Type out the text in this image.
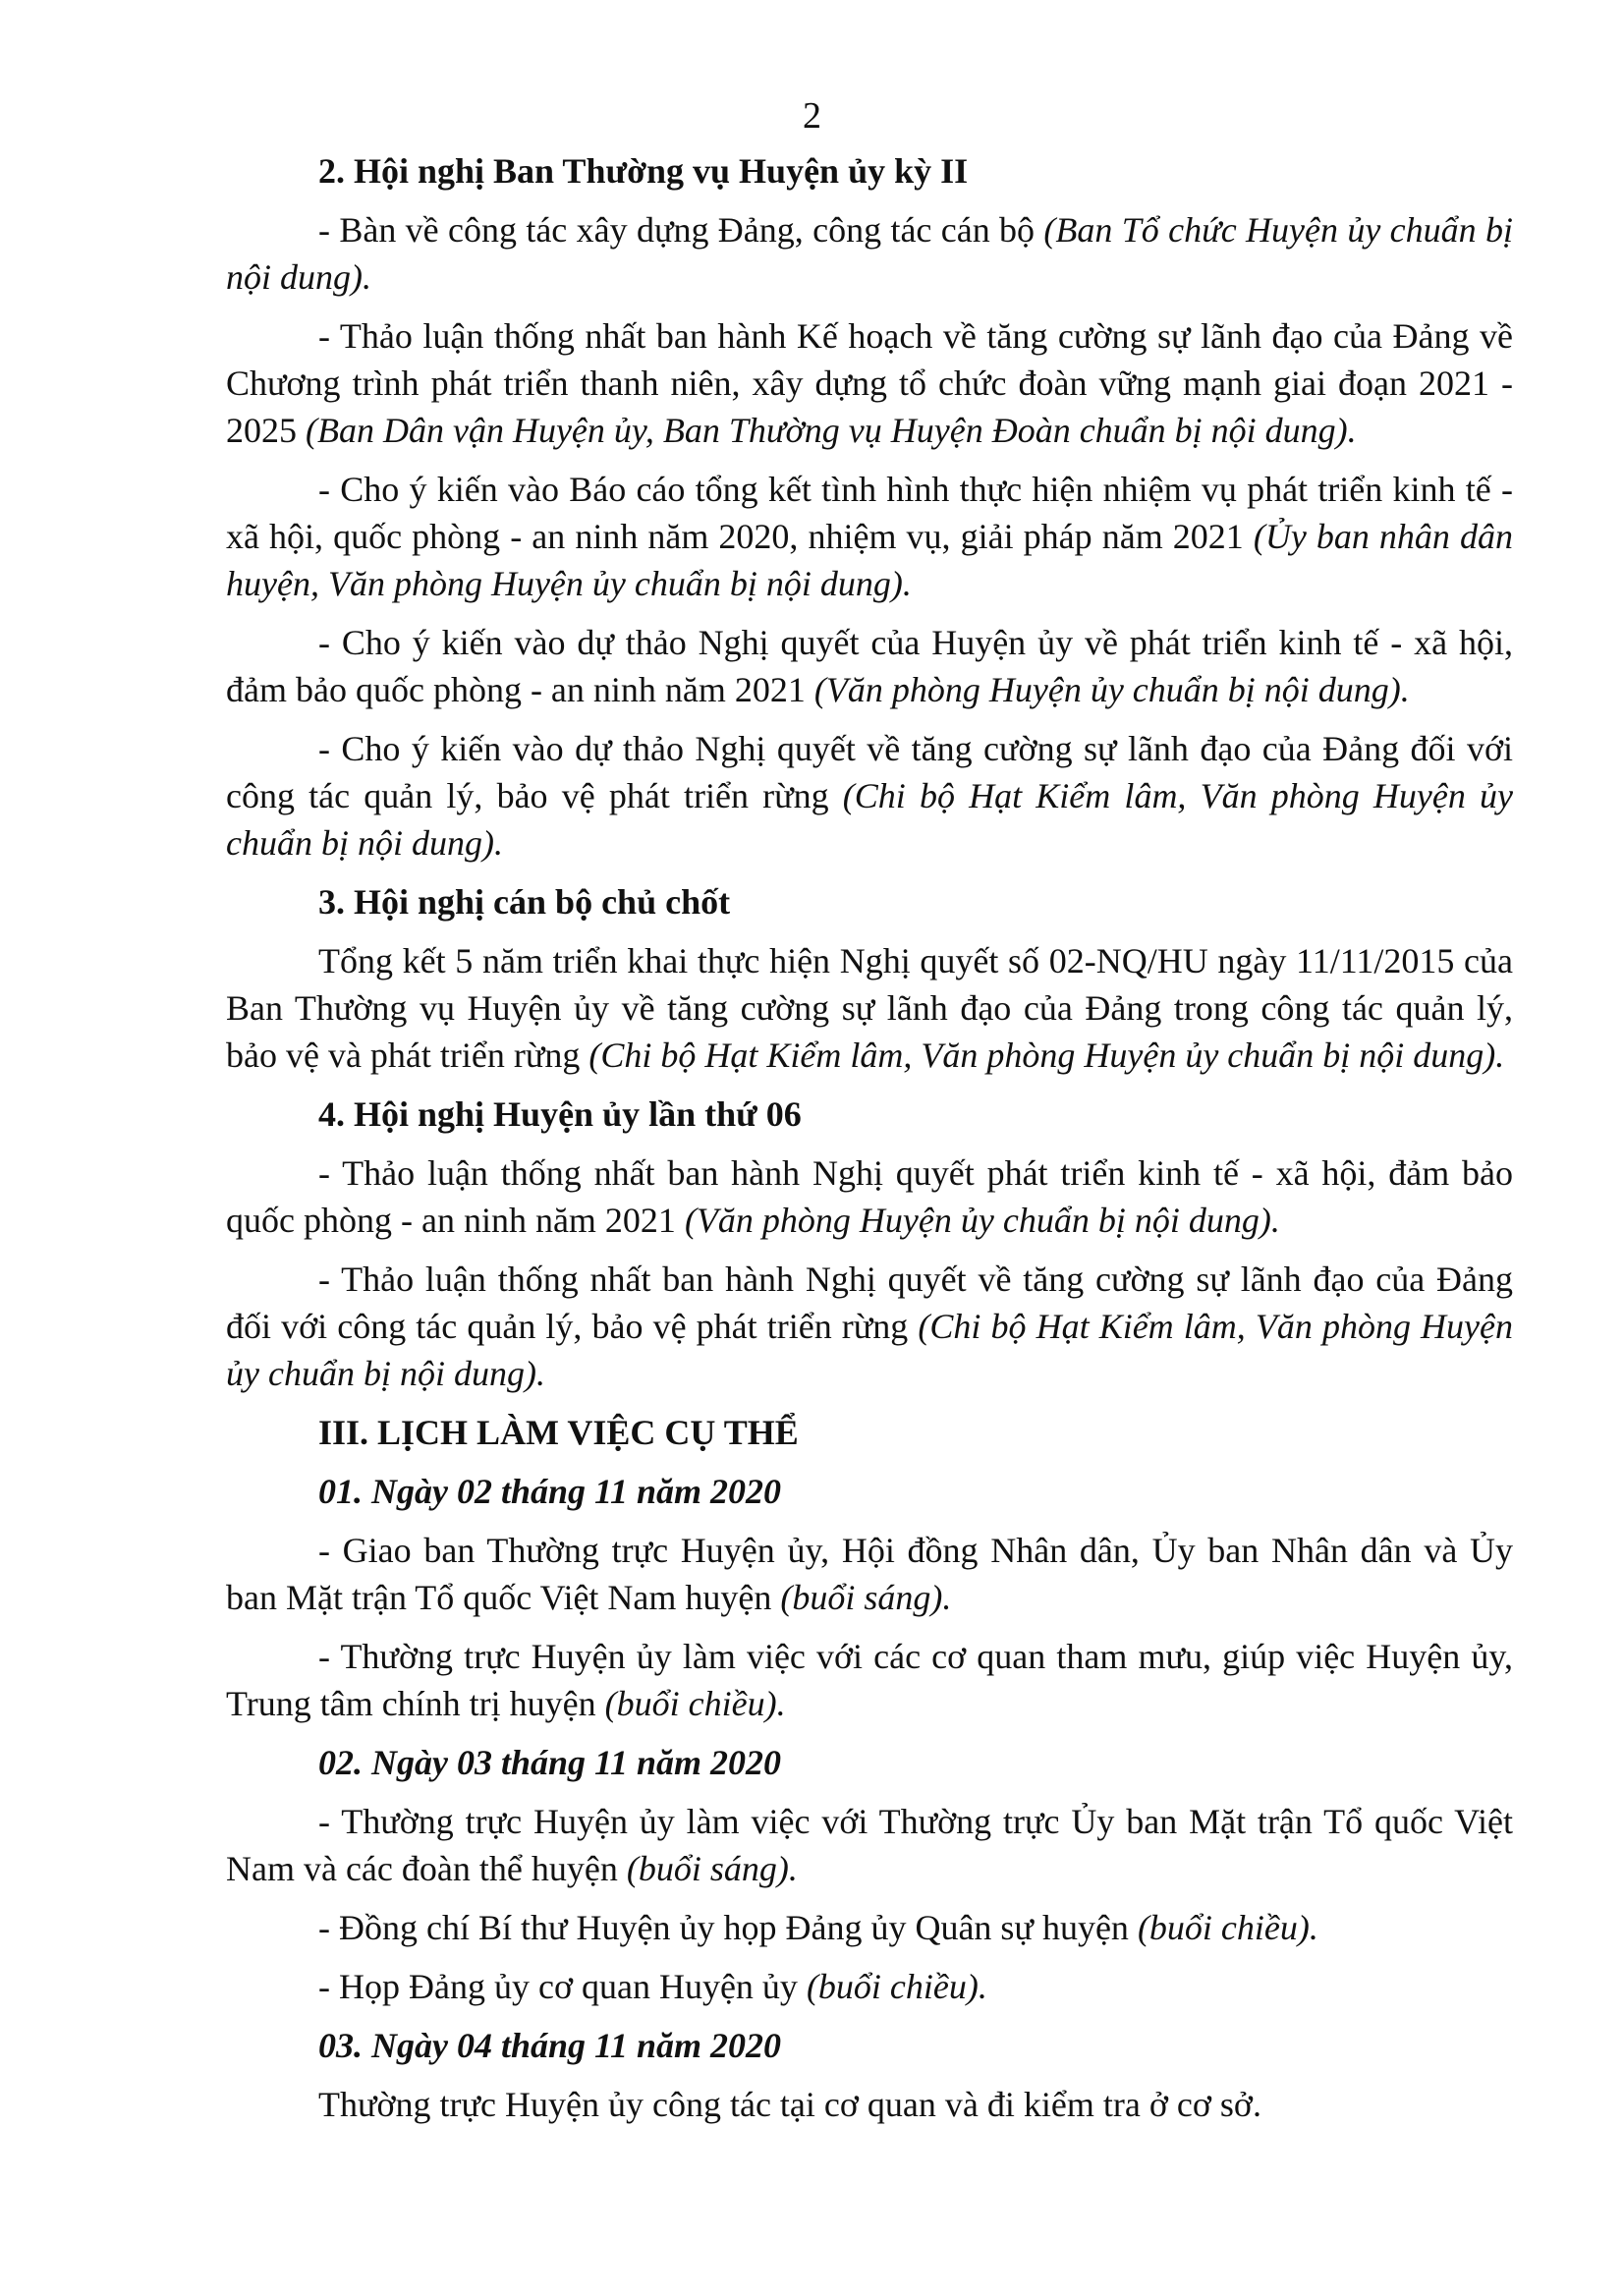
2
2. Hội nghị Ban Thường vụ Huyện ủy kỳ II
- Bàn về công tác xây dựng Đảng, công tác cán bộ (Ban Tổ chức Huyện ủy chuẩn bị nội dung).
- Thảo luận thống nhất ban hành Kế hoạch về tăng cường sự lãnh đạo của Đảng về Chương trình phát triển thanh niên, xây dựng tổ chức đoàn vững mạnh giai đoạn 2021 - 2025 (Ban Dân vận Huyện ủy, Ban Thường vụ Huyện Đoàn chuẩn bị nội dung).
- Cho ý kiến vào Báo cáo tổng kết tình hình thực hiện nhiệm vụ phát triển kinh tế - xã hội, quốc phòng - an ninh năm 2020, nhiệm vụ, giải pháp năm 2021 (Ủy ban nhân dân huyện, Văn phòng Huyện ủy chuẩn bị nội dung).
- Cho ý kiến vào dự thảo Nghị quyết của Huyện ủy về phát triển kinh tế - xã hội, đảm bảo quốc phòng - an ninh năm 2021 (Văn phòng Huyện ủy chuẩn bị nội dung).
- Cho ý kiến vào dự thảo Nghị quyết về tăng cường sự lãnh đạo của Đảng đối với công tác quản lý, bảo vệ phát triển rừng (Chi bộ Hạt Kiểm lâm, Văn phòng Huyện ủy chuẩn bị nội dung).
3. Hội nghị cán bộ chủ chốt
Tổng kết 5 năm triển khai thực hiện Nghị quyết số 02-NQ/HU ngày 11/11/2015 của Ban Thường vụ Huyện ủy về tăng cường sự lãnh đạo của Đảng trong công tác quản lý, bảo vệ và phát triển rừng (Chi bộ Hạt Kiểm lâm, Văn phòng Huyện ủy chuẩn bị nội dung).
4. Hội nghị Huyện ủy lần thứ 06
- Thảo luận thống nhất ban hành Nghị quyết phát triển kinh tế - xã hội, đảm bảo quốc phòng - an ninh năm 2021 (Văn phòng Huyện ủy chuẩn bị nội dung).
- Thảo luận thống nhất ban hành Nghị quyết về tăng cường sự lãnh đạo của Đảng đối với công tác quản lý, bảo vệ phát triển rừng (Chi bộ Hạt Kiểm lâm, Văn phòng Huyện ủy chuẩn bị nội dung).
III. LỊCH LÀM VIỆC CỤ THỂ
01. Ngày 02 tháng 11 năm 2020
- Giao ban Thường trực Huyện ủy, Hội đồng Nhân dân, Ủy ban Nhân dân và Ủy ban Mặt trận Tổ quốc Việt Nam huyện (buổi sáng).
- Thường trực Huyện ủy làm việc với các cơ quan tham mưu, giúp việc Huyện ủy, Trung tâm chính trị huyện (buổi chiều).
02. Ngày 03 tháng 11 năm 2020
- Thường trực Huyện ủy làm việc với Thường trực Ủy ban Mặt trận Tổ quốc Việt Nam và các đoàn thể huyện (buổi sáng).
- Đồng chí Bí thư Huyện ủy họp Đảng ủy Quân sự huyện (buổi chiều).
- Họp Đảng ủy cơ quan Huyện ủy (buổi chiều).
03. Ngày 04 tháng 11 năm 2020
Thường trực Huyện ủy công tác tại cơ quan và đi kiểm tra ở cơ sở.
